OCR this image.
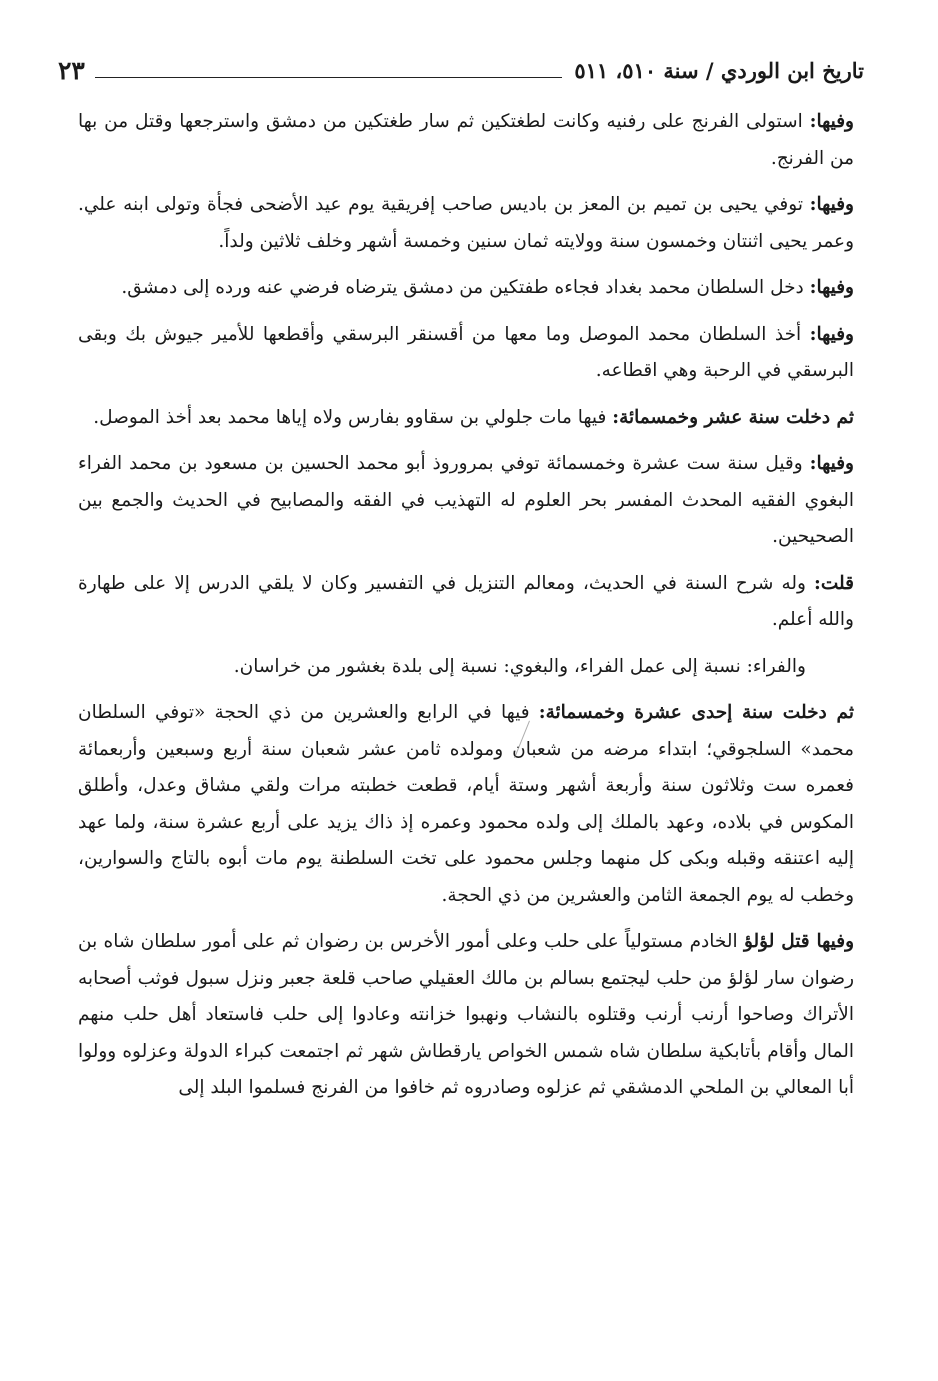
تاريخ ابن الوردي / سنة ٥١٠، ٥١١
٢٣

وفيها: استولى الفرنج على رفنيه وكانت لطغتكين ثم سار طغتكين من دمشق واسترجعها وقتل من بها من الفرنج.

وفيها: توفي يحيى بن تميم بن المعز بن باديس صاحب إفريقية يوم عيد الأضحى فجأة وتولى ابنه علي. وعمر يحيى اثنتان وخمسون سنة وولايته ثمان سنين وخمسة أشهر وخلف ثلاثين ولداً.

وفيها: دخل السلطان محمد بغداد فجاءه طفتكين من دمشق يترضاه فرضي عنه ورده إلى دمشق.

وفيها: أخذ السلطان محمد الموصل وما معها من أقسنقر البرسقي وأقطعها للأمير جيوش بك وبقى البرسقي في الرحبة وهي اقطاعه.

ثم دخلت سنة عشر وخمسمائة: فيها مات جلولي بن سقاوو بفارس ولاه إياها محمد بعد أخذ الموصل.

وفيها: وقيل سنة ست عشرة وخمسمائة توفي بمروروذ أبو محمد الحسين بن مسعود بن محمد الفراء البغوي الفقيه المحدث المفسر بحر العلوم له التهذيب في الفقه والمصابيح في الحديث والجمع بين الصحيحين.

قلت: وله شرح السنة في الحديث، ومعالم التنزيل في التفسير وكان لا يلقي الدرس إلا على طهارة والله أعلم.

والفراء: نسبة إلى عمل الفراء، والبغوي: نسبة إلى بلدة بغشور من خراسان.

ثم دخلت سنة إحدى عشرة وخمسمائة: فيها في الرابع والعشرين من ذي الحجة «توفي السلطان محمد» السلجوقي؛ ابتداء مرضه من شعبان ومولده ثامن عشر شعبان سنة أربع وسبعين وأربعمائة فعمره ست وثلاثون سنة وأربعة أشهر وستة أيام، قطعت خطبته مرات ولقي مشاق وعدل، وأطلق المكوس في بلاده، وعهد بالملك إلى ولده محمود وعمره إذ ذاك يزيد على أربع عشرة سنة، ولما عهد إليه اعتنقه وقبله وبكى كل منهما وجلس محمود على تخت السلطنة يوم مات أبوه بالتاج والسوارين، وخطب له يوم الجمعة الثامن والعشرين من ذي الحجة.

وفيها قتل لؤلؤ الخادم مستولياً على حلب وعلى أمور الأخرس بن رضوان ثم على أمور سلطان شاه بن رضوان سار لؤلؤ من حلب ليجتمع بسالم بن مالك العقيلي صاحب قلعة جعبر ونزل سبول فوثب أصحابه الأتراك وصاحوا أرنب أرنب وقتلوه بالنشاب ونهبوا خزانته وعادوا إلى حلب فاستعاد أهل حلب منهم المال وأقام بأتابكية سلطان شاه شمس الخواص يارقطاش شهر ثم اجتمعت كبراء الدولة وعزلوه وولوا أبا المعالي بن الملحي الدمشقي ثم عزلوه وصادروه ثم خافوا من الفرنج فسلموا البلد إلى
